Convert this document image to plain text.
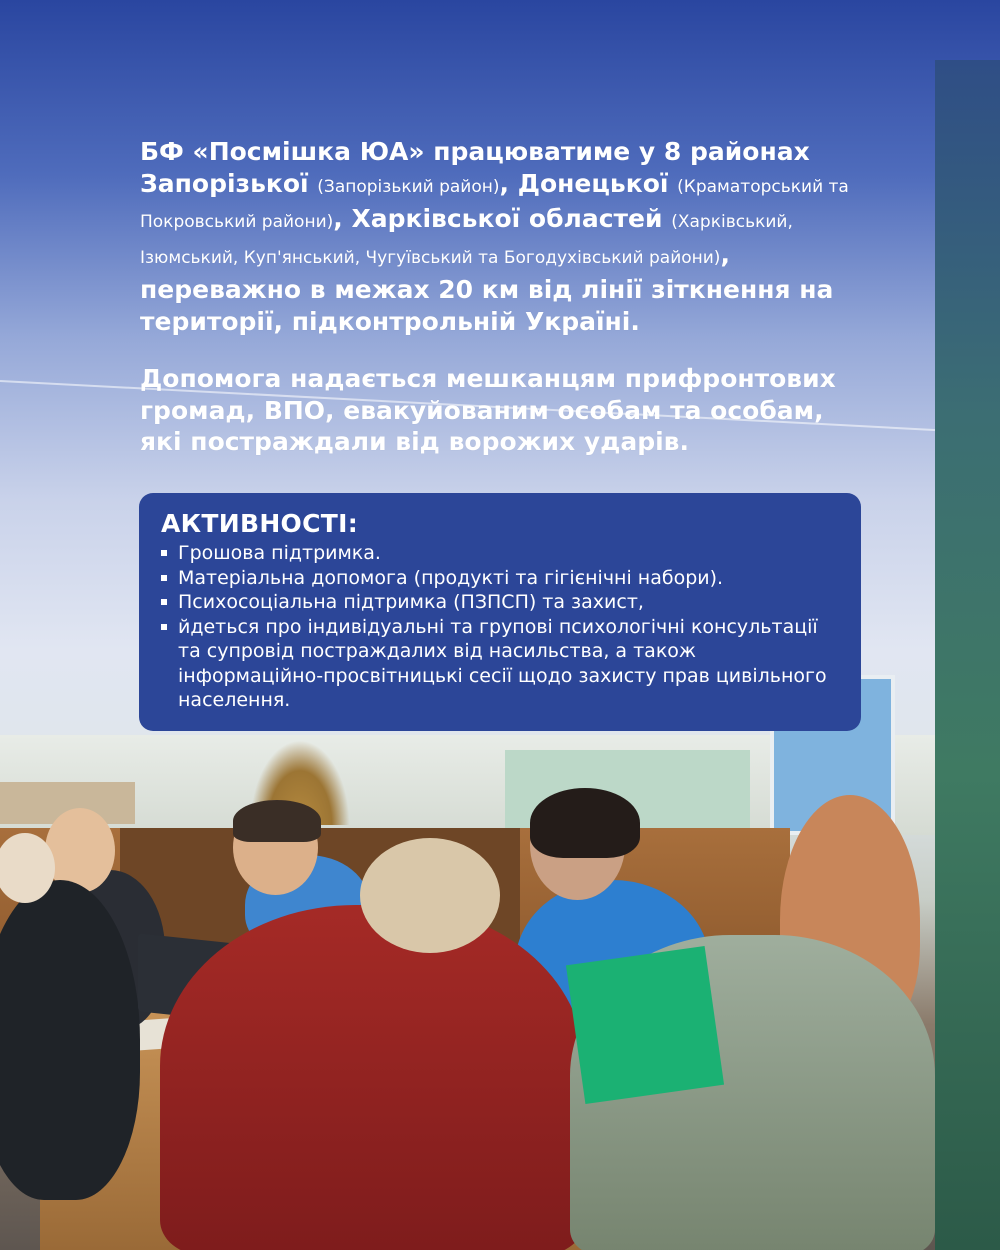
БФ «Посмішка ЮА» працюватиме у 8 районах Запорізької (Запорізький район), Донецької (Краматорський та Покровський райони), Харківської областей (Харківський, Ізюмський, Куп'янський, Чугуївський та Богодухівський райони), переважно в межах 20 км від лінії зіткнення на території, підконтрольній Україні.

Допомога надається мешканцям прифронтових громад, ВПО, евакуйованим особам та особам, які постраждали від ворожих ударів.

АКТИВНОСТІ:
Грошова підтримка.
Матеріальна допомога (продукті та гігієнічні набори).
Психосоціальна підтримка (ПЗПСП) та захист,
йдеться про індивідуальні та групові психологічні консультації та супровід постраждалих від насильства, а також інформаційно-просвітницькі сесії щодо захисту прав цивільного населення.
